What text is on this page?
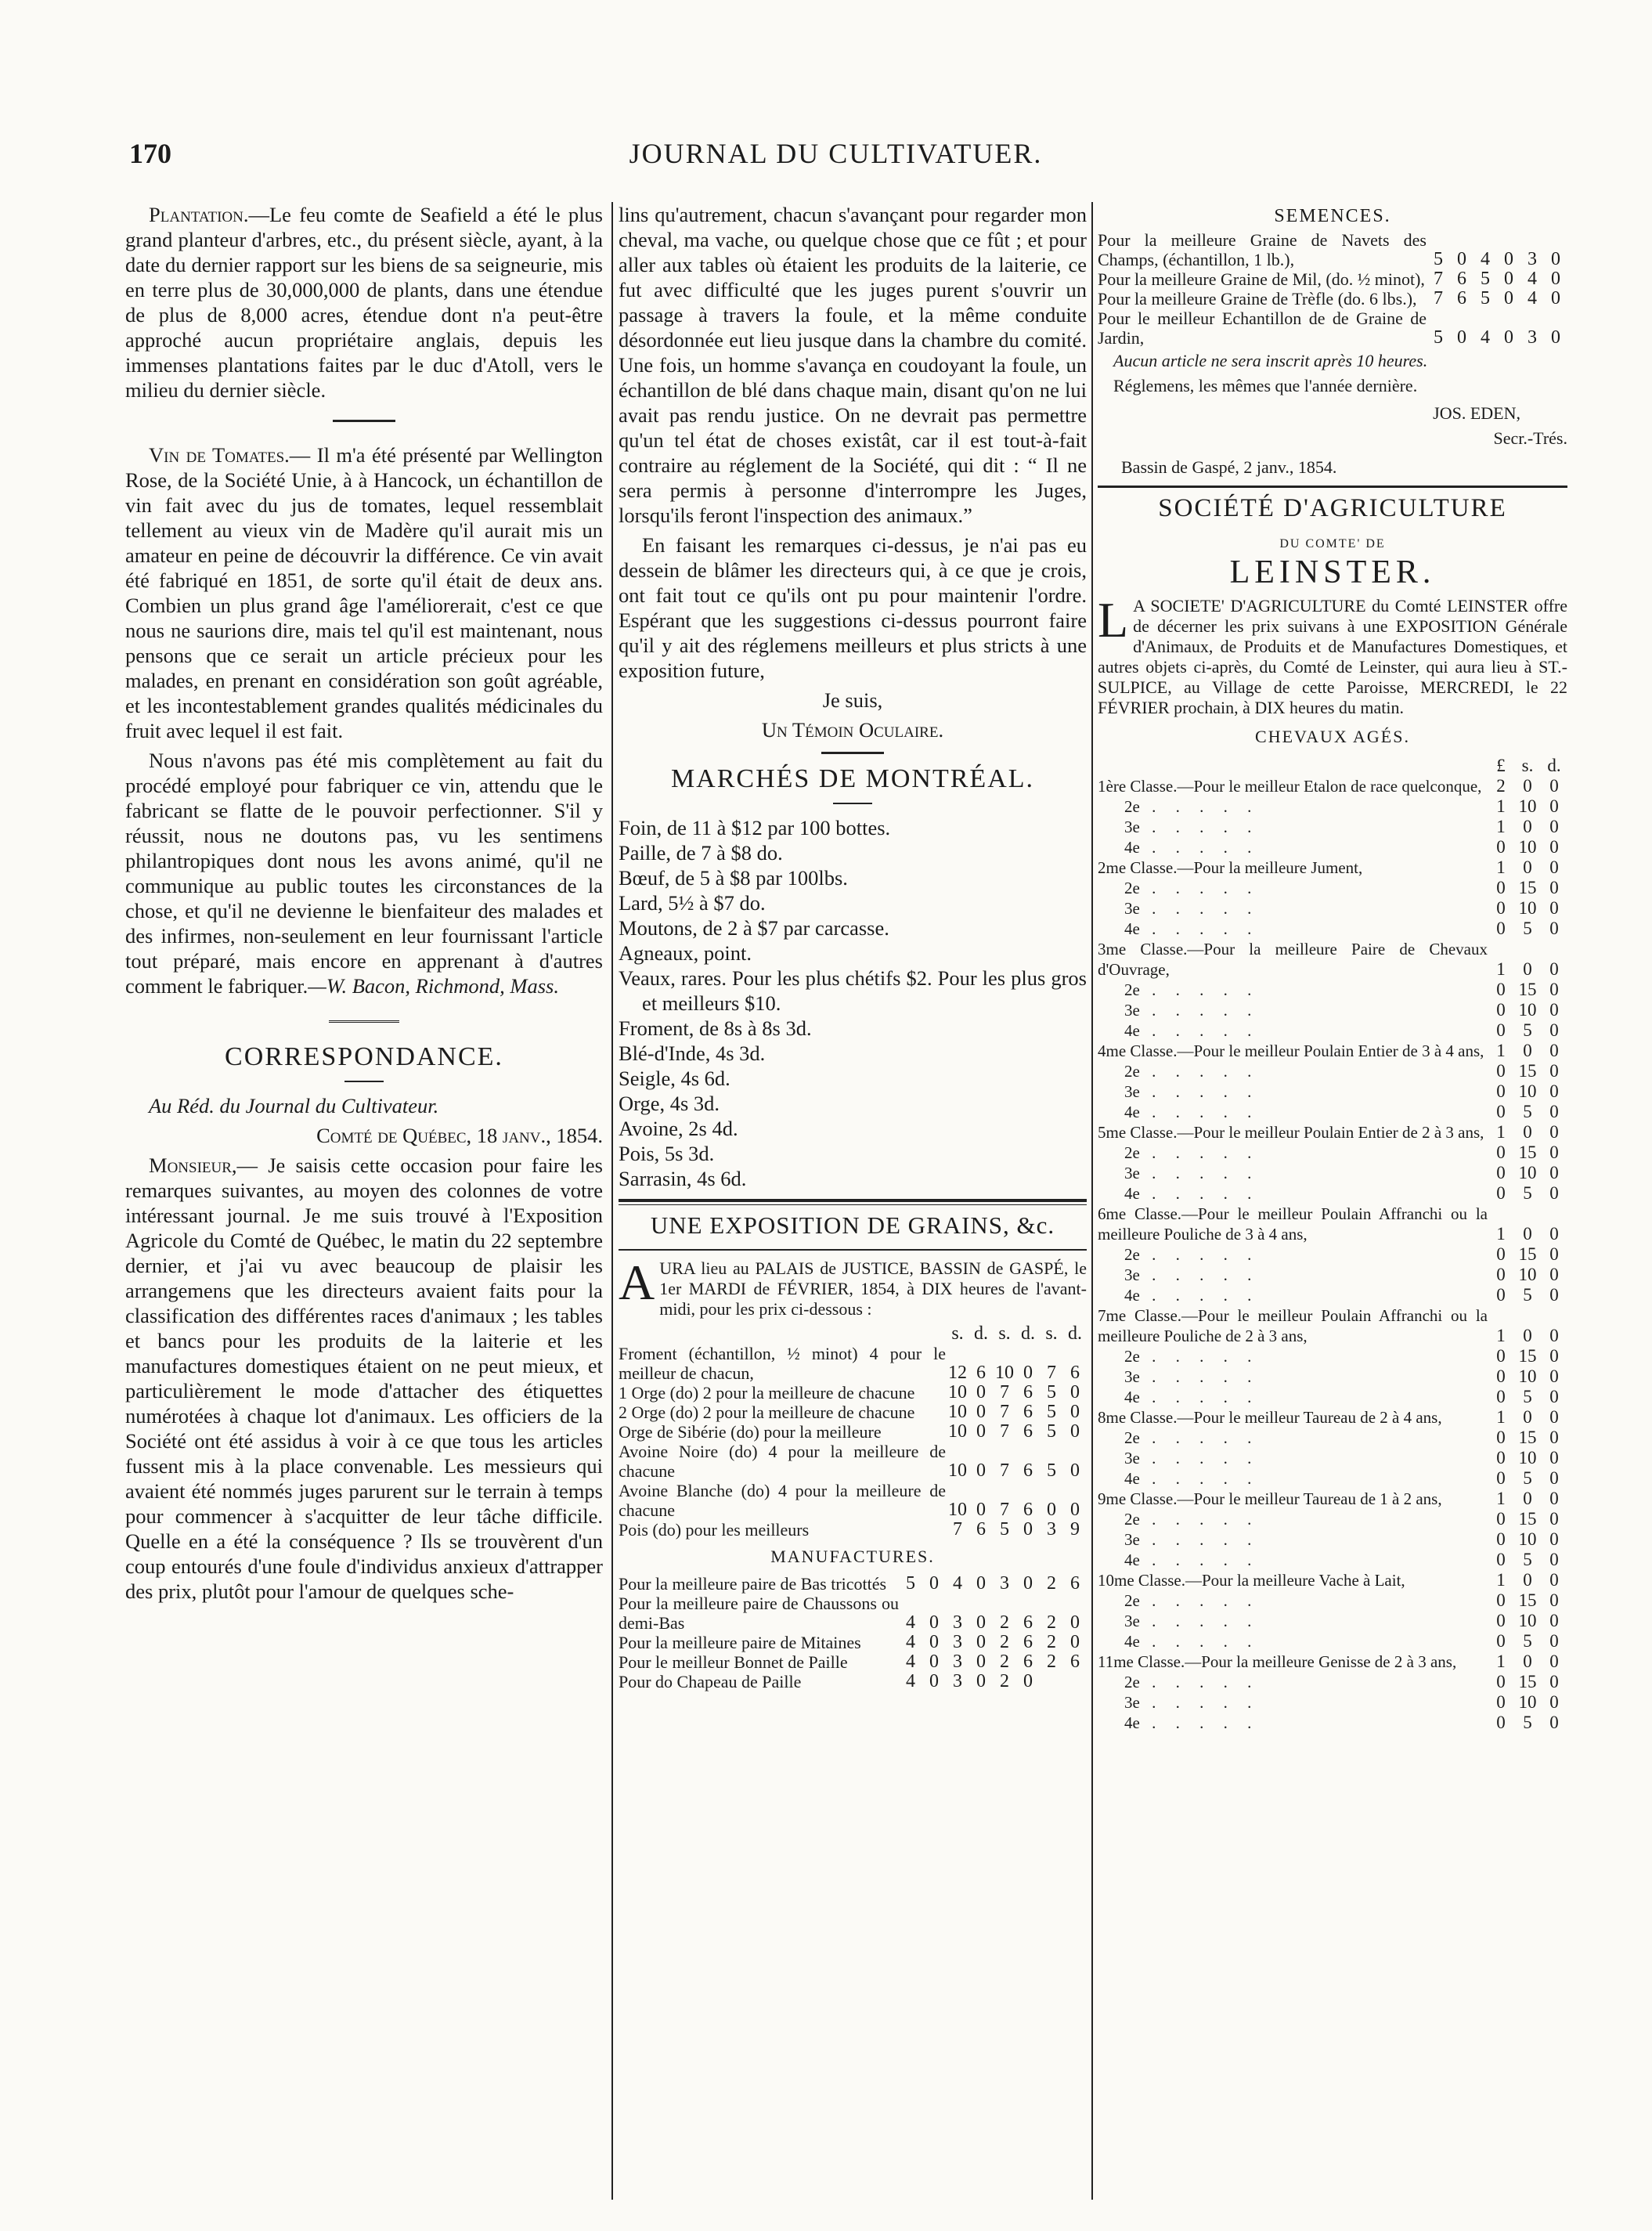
170	JOURNAL DU CULTIVATUER.

Plantation.—Le feu comte de Seafield a été le plus grand planteur d'arbres, etc., du présent siècle, ayant, à la date du dernier rapport sur les biens de sa seigneurie, mis en terre plus de 30,000,000 de plants, dans une étendue de plus de 8,000 acres, étendue dont n'a peut-être approché aucun propriétaire anglais, depuis les immenses plantations faites par le duc d'Atoll, vers le milieu du dernier siècle.

Vin de Tomates.— Il m'a été présenté par Wellington Rose, de la Société Unie, à à Hancock, un échantillon de vin fait avec du jus de tomates, lequel ressemblait tellement au vieux vin de Madère qu'il aurait mis un amateur en peine de découvrir la différence. Ce vin avait été fabriqué en 1851, de sorte qu'il était de deux ans. Combien un plus grand âge l'améliorerait, c'est ce que nous ne saurions dire, mais tel qu'il est maintenant, nous pensons que ce serait un article précieux pour les malades, en prenant en considération son goût agréable, et les incontestablement grandes qualités médicinales du fruit avec lequel il est fait.

Nous n'avons pas été mis complètement au fait du procédé employé pour fabriquer ce vin, attendu que le fabricant se flatte de le pouvoir perfectionner. S'il y réussit, nous ne doutons pas, vu les sentimens philantropiques dont nous les avons animé, qu'il ne communique au public toutes les circonstances de la chose, et qu'il ne devienne le bienfaiteur des malades et des infirmes, non-seulement en leur fournissant l'article tout préparé, mais encore en apprenant à d'autres comment le fabriquer.—W. Bacon, Richmond, Mass.

CORRESPONDANCE.

Au Réd. du Journal du Cultivateur.

Comté de Québec, 18 janv., 1854.

Monsieur,— Je saisis cette occasion pour faire les remarques suivantes, au moyen des colonnes de votre intéressant journal. Je me suis trouvé à l'Exposition Agricole du Comté de Québec, le matin du 22 septembre dernier, et j'ai vu avec beaucoup de plaisir les arrangemens que les directeurs avaient faits pour la classification des différentes races d'animaux ; les tables et bancs pour les produits de la laiterie et les manufactures domestiques étaient on ne peut mieux, et particulièrement le mode d'attacher des étiquettes numérotées à chaque lot d'animaux. Les officiers de la Société ont été assidus à voir à ce que tous les articles fussent mis à la place convenable. Les messieurs qui avaient été nommés juges parurent sur le terrain à temps pour commencer à s'acquitter de leur tâche difficile. Quelle en a été la conséquence ? Ils se trouvèrent d'un coup entourés d'une foule d'individus anxieux d'attrapper des prix, plutôt pour l'amour de quelques sche-

lins qu'autrement, chacun s'avançant pour regarder mon cheval, ma vache, ou quelque chose que ce fût ; et pour aller aux tables où étaient les produits de la laiterie, ce fut avec difficulté que les juges purent s'ouvrir un passage à travers la foule, et la même conduite désordonnée eut lieu jusque dans la chambre du comité. Une fois, un homme s'avança en coudoyant la foule, un échantillon de blé dans chaque main, disant qu'on ne lui avait pas rendu justice. On ne devrait pas permettre qu'un tel état de choses existât, car il est tout-à-fait contraire au réglement de la Société, qui dit : “ Il ne sera permis à personne d'interrompre les Juges, lorsqu'ils feront l'inspection des animaux.”

En faisant les remarques ci-dessus, je n'ai pas eu dessein de blâmer les directeurs qui, à ce que je crois, ont fait tout ce qu'ils ont pu pour maintenir l'ordre. Espérant que les suggestions ci-dessus pourront faire qu'il y ait des réglemens meilleurs et plus stricts à une exposition future,

Je suis,

Un Témoin Oculaire.

MARCHÉS DE MONTRÉAL.

Foin, de 11 à $12 par 100 bottes.

Paille, de 7 à $8 do.

Bœuf, de 5 à $8 par 100lbs.

Lard, 5½ à $7 do.

Moutons, de 2 à $7 par carcasse.

Agneaux, point.

Veaux, rares. Pour les plus chétifs $2. Pour les plus gros et meilleurs $10.

Froment, de 8s à 8s 3d.

Blé-d'Inde, 4s 3d.

Seigle, 4s 6d.

Orge, 4s 3d.

Avoine, 2s 4d.

Pois, 5s 3d.

Sarrasin, 4s 6d.

UNE EXPOSITION DE GRAINS, &c.

AURA lieu au PALAIS de JUSTICE, BASSIN de GASPÉ, le 1er MARDI de FÉVRIER, 1854, à DIX heures de l'avant-midi, pour les prix ci-dessous :

	s.	d.	s.	d.	s.	d.
Froment (échantillon, ½ minot) 4 pour le meilleur de chacun,	12	6	10	0	7	6
1 Orge (do) 2 pour la meilleure de chacune	10	0	7	6	5	0
2 Orge (do) 2 pour la meilleure de chacune	10	0	7	6	5	0
Orge de Sibérie (do) pour la meilleure	10	0	7	6	5	0
Avoine Noire (do) 4 pour la meilleure de chacune	10	0	7	6	5	0
Avoine Blanche (do) 4 pour la meilleure de chacune	10	0	7	6	0	0
Pois (do) pour les meilleurs	7	6	5	0	3	9
MANUFACTURES.
Pour la meilleure paire de Bas tricottés	5	0	4	0	3	0	2	6
Pour la meilleure paire de Chaussons ou demi-Bas	4	0	3	0	2	6	2	0
Pour la meilleure paire de Mitaines	4	0	3	0	2	6	2	0
Pour le meilleur Bonnet de Paille	4	0	3	0	2	6	2	6
Pour do Chapeau de Paille	4	0	3	0	2	0		
SEMENCES.
Pour la meilleure Graine de Navets des Champs, (échantillon, 1 lb.),	5	0	4	0	3	0
Pour la meilleure Graine de Mil, (do. ½ minot),	7	6	5	0	4	0
Pour la meilleure Graine de Trèfle (do. 6 lbs.),	7	6	5	0	4	0
Pour le meilleur Echantillon de de Graine de Jardin,	5	0	4	0	3	0

Aucun article ne sera inscrit après 10 heures.

Réglemens, les mêmes que l'année dernière.

JOS. EDEN,
Secr.-Trés.

Bassin de Gaspé, 2 janv., 1854.

SOCIÉTÉ D'AGRICULTURE
DU COMTE' DE
LEINSTER.

L A SOCIETE' D'AGRICULTURE du Comté LEINSTER offre de décerner les prix suivans à une EXPOSITION Générale d'Animaux, de Produits et de Manufactures Domestiques, et autres objets ci-après, du Comté de Leinster, qui aura lieu à ST.-SULPICE, au Village de cette Paroisse, MERCREDI, le 22 FÉVRIER prochain, à DIX heures du matin.

CHEVAUX AGÉS.
	£	s.	d.
1ère Classe.—Pour le meilleur Etalon de race quelconque,	2	0	0
2e . . . . .	1	10	0
3e . . . . .	1	0	0
4e . . . . .	0	10	0
2me Classe.—Pour la meilleure Jument,	1	0	0
2e . . . . .	0	15	0
3e . . . . .	0	10	0
4e . . . . .	0	5	0
3me Classe.—Pour la meilleure Paire de Chevaux d'Ouvrage,	1	0	0
2e . . . . .	0	15	0
3e . . . . .	0	10	0
4e . . . . .	0	5	0
4me Classe.—Pour le meilleur Poulain Entier de 3 à 4 ans,	1	0	0
2e . . . . .	0	15	0
3e . . . . .	0	10	0
4e . . . . .	0	5	0
5me Classe.—Pour le meilleur Poulain Entier de 2 à 3 ans,	1	0	0
2e . . . . .	0	15	0
3e . . . . .	0	10	0
4e . . . . .	0	5	0
6me Classe.—Pour le meilleur Poulain Affranchi ou la meilleure Pouliche de 3 à 4 ans,	1	0	0
2e . . . . .	0	15	0
3e . . . . .	0	10	0
4e . . . . .	0	5	0
7me Classe.—Pour le meilleur Poulain Affranchi ou la meilleure Pouliche de 2 à 3 ans,	1	0	0
2e . . . . .	0	15	0
3e . . . . .	0	10	0
4e . . . . .	0	5	0
8me Classe.—Pour le meilleur Taureau de 2 à 4 ans,	1	0	0
2e . . . . .	0	15	0
3e . . . . .	0	10	0
4e . . . . .	0	5	0
9me Classe.—Pour le meilleur Taureau de 1 à 2 ans,	1	0	0
2e . . . . .	0	15	0
3e . . . . .	0	10	0
4e . . . . .	0	5	0
10me Classe.—Pour la meilleure Vache à Lait,	1	0	0
2e . . . . .	0	15	0
3e . . . . .	0	10	0
4e . . . . .	0	5	0
11me Classe.—Pour la meilleure Genisse de 2 à 3 ans,	1	0	0
2e . . . . .	0	15	0
3e . . . . .	0	10	0
4e . . . . .	0	5	0
